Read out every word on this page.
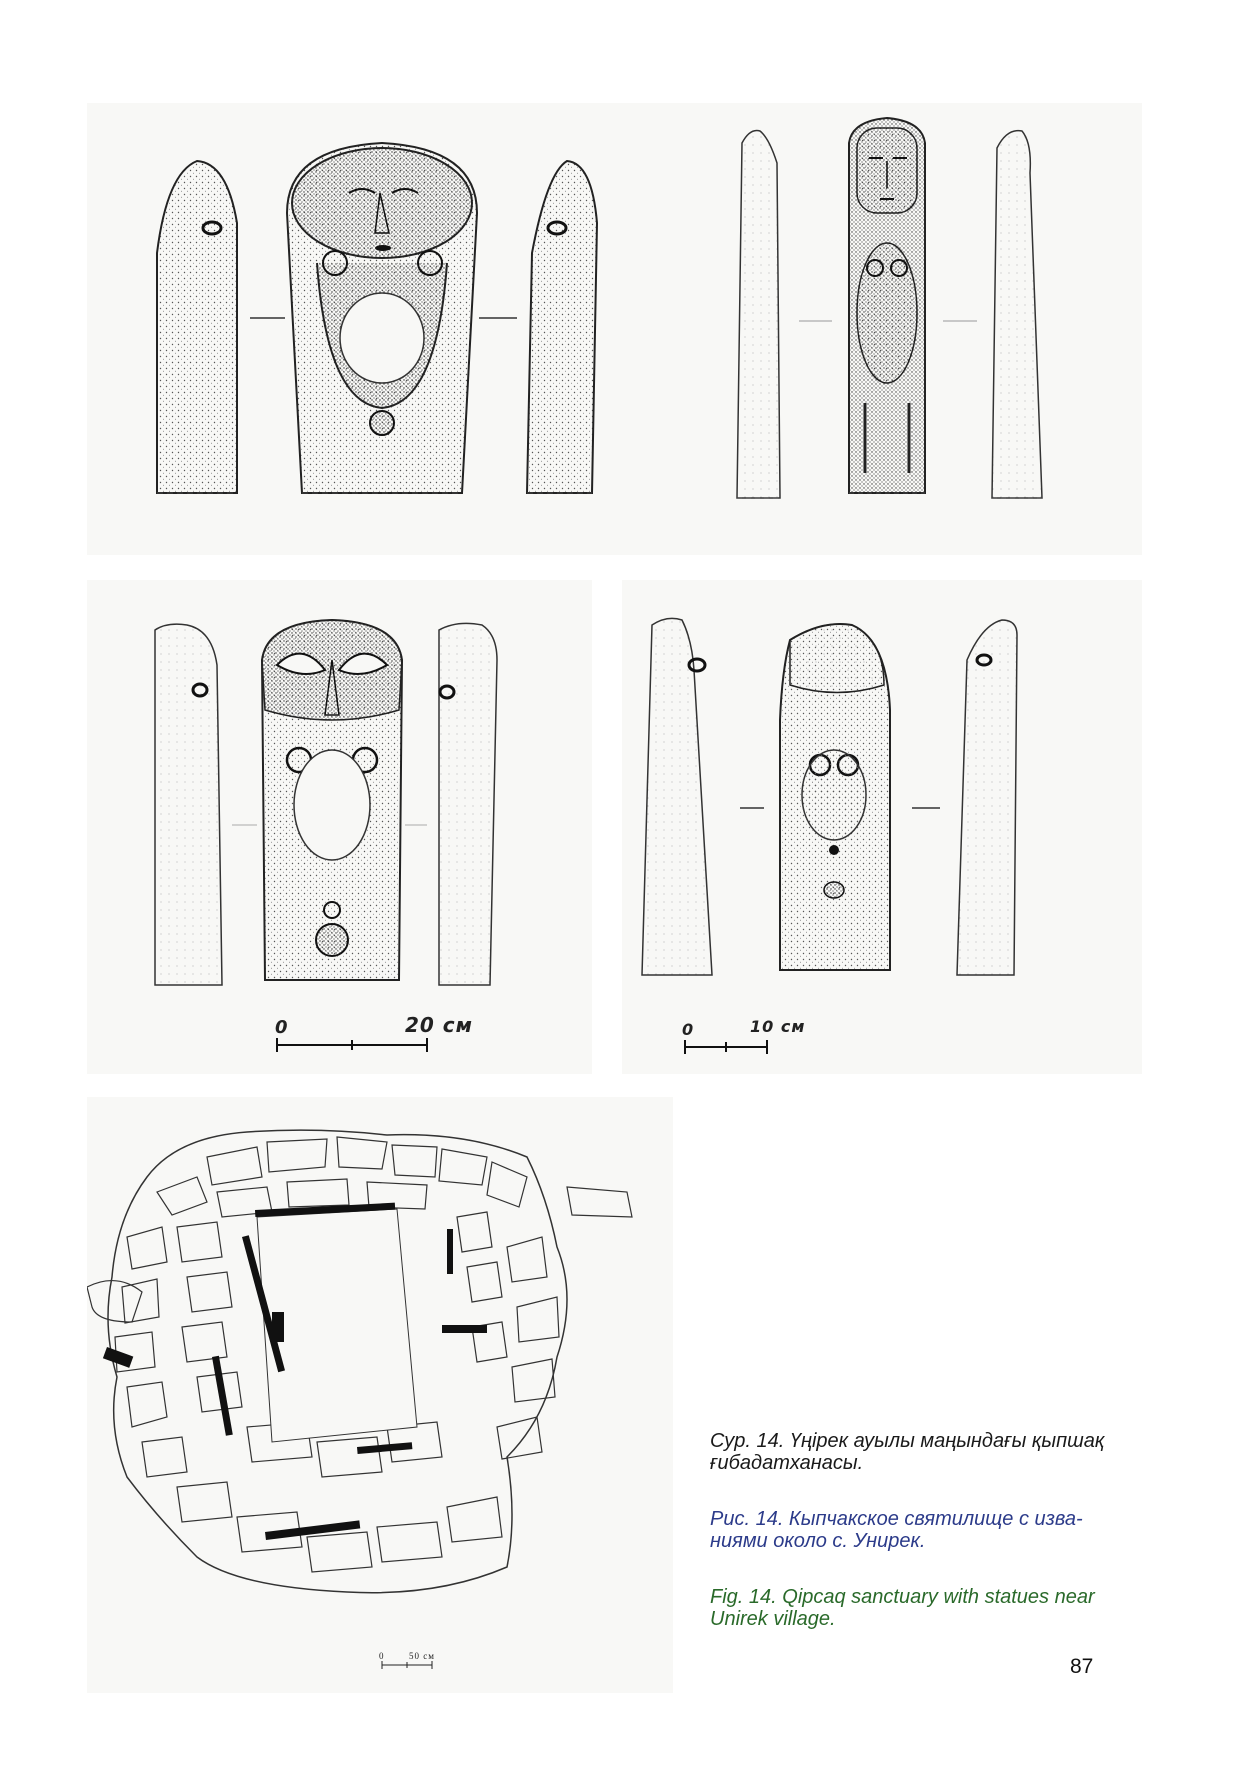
0	20 см	0	10 см
0	50 см
Сур. 14. Үңірек ауылы маңындағы қыпшақ ғибадатханасы.
Рис. 14. Кыпчакское святилище с изва-ниями около с. Унирек.
Fig. 14. Qipcaq sanctuary with statues near Unirek village.
87
